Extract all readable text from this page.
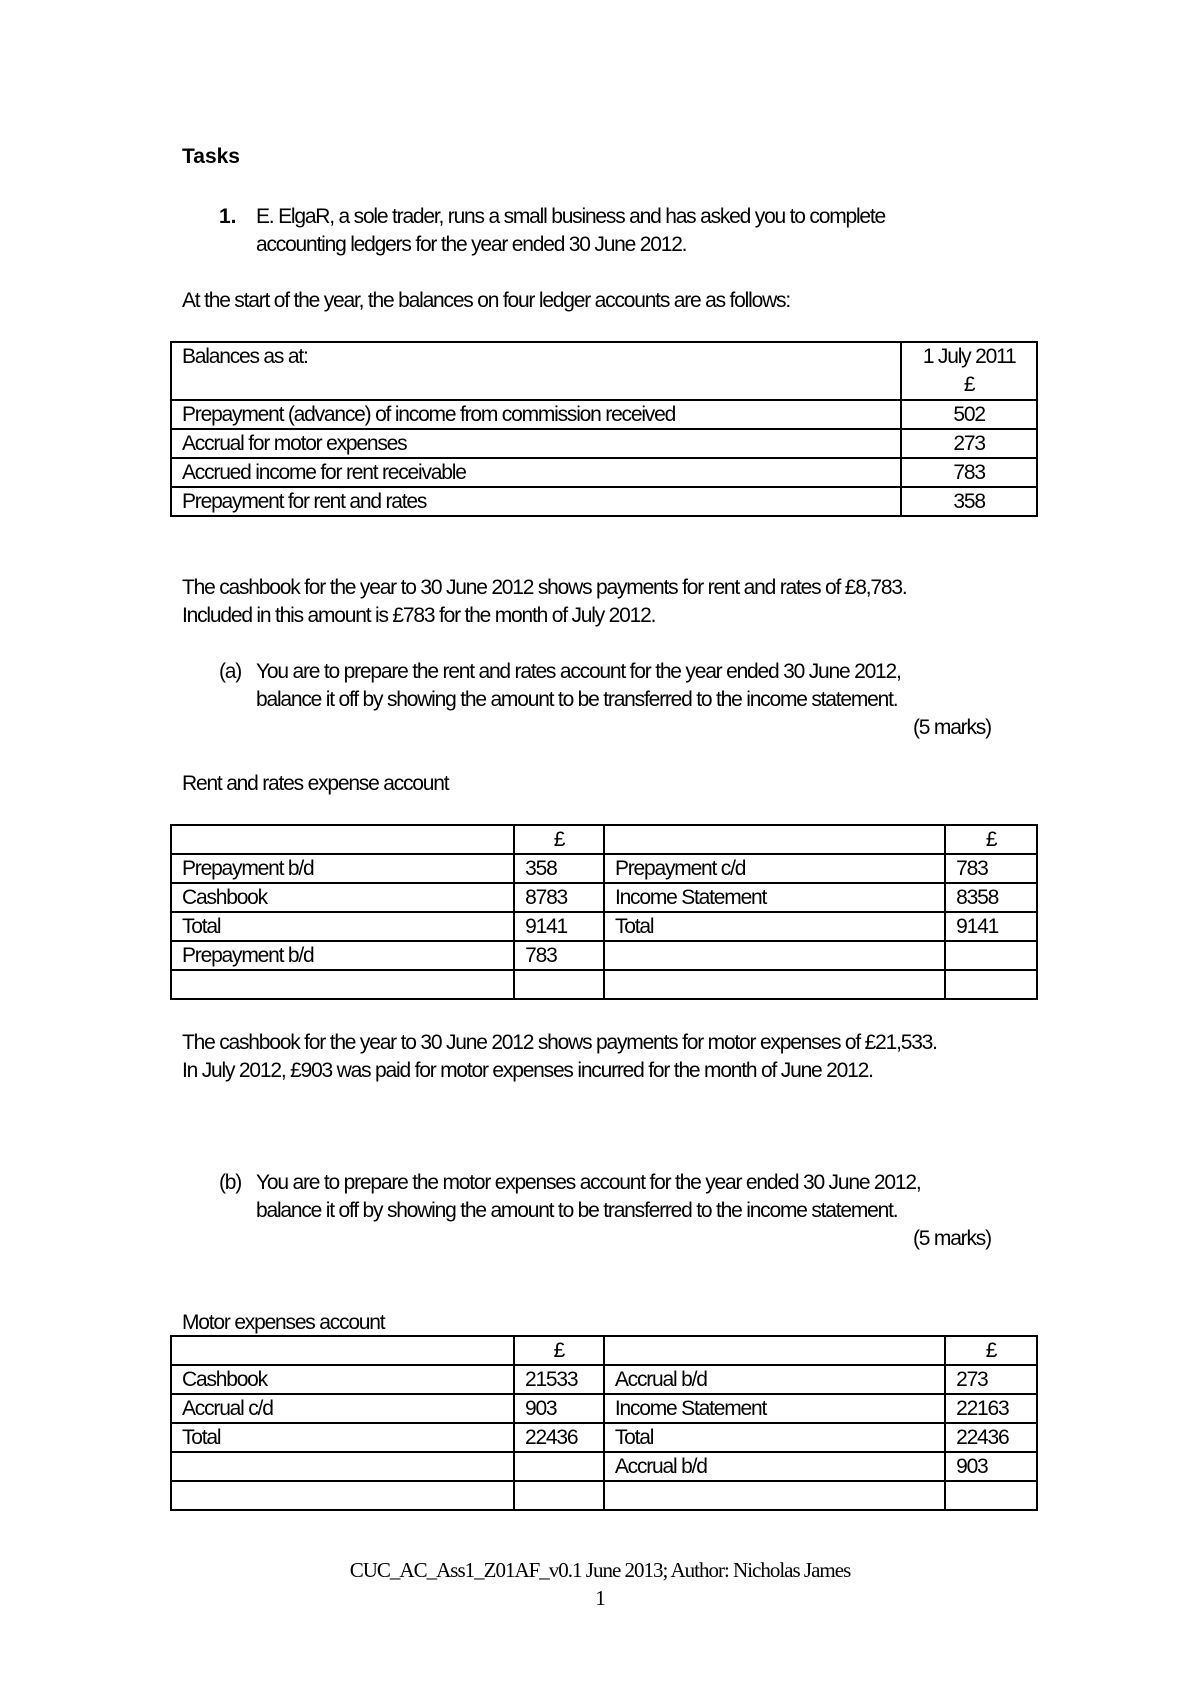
Tasks
1. E. ElgaR, a sole trader, runs a small business and has asked you to complete
accounting ledgers for the year ended 30 June 2012.
At the start of the year, the balances on four ledger accounts are as follows:
Balances as at:	1 July 2011
£

Prepayment (advance) of income from commission received	502
Accrual for motor expenses	273
Accrued income for rent receivable	783
Prepayment for rent and rates	358
The cashbook for the year to 30 June 2012 shows payments for rent and rates of £8,783.
Included in this amount is £783 for the month of July 2012.
(a) You are to prepare the rent and rates account for the year ended 30 June 2012,
balance it off by showing the amount to be transferred to the income statement.
(5 marks)
Rent and rates expense account
	£		£
Prepayment b/d	358	Prepayment c/d	783
Cashbook	8783	Income Statement	8358
Total	9141	Total	9141
Prepayment b/d	783		

The cashbook for the year to 30 June 2012 shows payments for motor expenses of £21,533.
In July 2012, £903 was paid for motor expenses incurred for the month of June 2012.
(b) You are to prepare the motor expenses account for the year ended 30 June 2012,
balance it off by showing the amount to be transferred to the income statement.
(5 marks)
Motor expenses account
	£		£
Cashbook	21533	Accrual b/d	273
Accrual c/d	903	Income Statement	22163
Total	22436	Total	22436
		Accrual b/d	903

CUC_AC_Ass1_Z01AF_v0.1 June 2013; Author: Nicholas James
1
